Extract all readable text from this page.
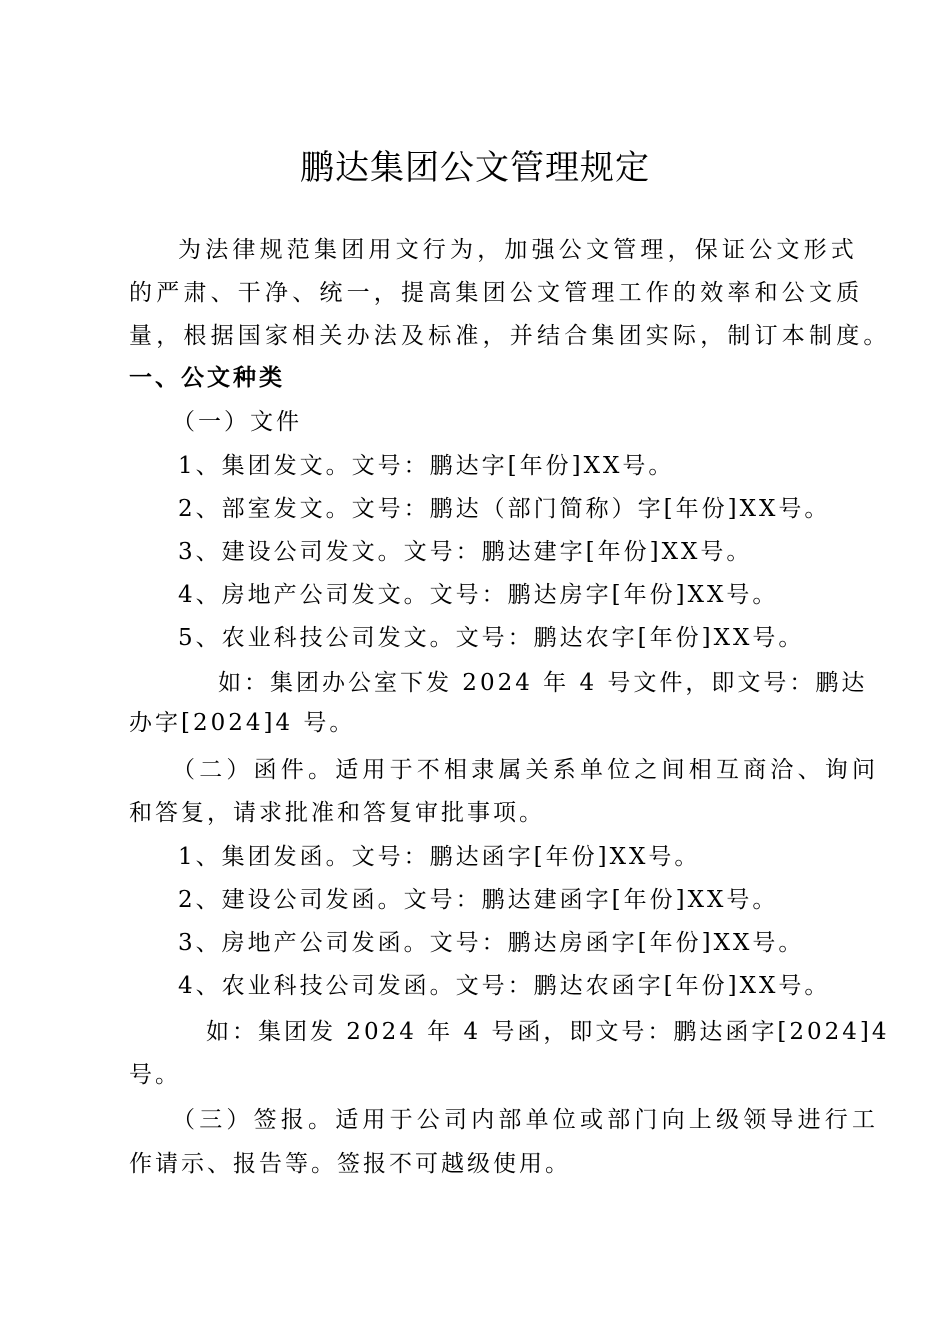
鹏达集团公文管理规定
为法律规范集团用文行为，加强公文管理，保证公文形式
的严肃、干净、统一，提高集团公文管理工作的效率和公文质
量，根据国家相关办法及标准，并结合集团实际，制订本制度。
一、公文种类
（一）文件
1、集团发文。文号：鹏达字[年份]XX号。
2、部室发文。文号：鹏达（部门简称）字[年份]XX号。
3、建设公司发文。文号：鹏达建字[年份]XX号。
4、房地产公司发文。文号：鹏达房字[年份]XX号。
5、农业科技公司发文。文号：鹏达农字[年份]XX号。
如：集团办公室下发 2024 年 4 号文件，即文号：鹏达
办字[2024]4 号。
（二）函件。适用于不相隶属关系单位之间相互商洽、询问
和答复，请求批准和答复审批事项。
1、集团发函。文号：鹏达函字[年份]XX号。
2、建设公司发函。文号：鹏达建函字[年份]XX号。
3、房地产公司发函。文号：鹏达房函字[年份]XX号。
4、农业科技公司发函。文号：鹏达农函字[年份]XX号。
如：集团发 2024 年 4 号函，即文号：鹏达函字[2024]4
号。
（三）签报。适用于公司内部单位或部门向上级领导进行工
作请示、报告等。签报不可越级使用。
